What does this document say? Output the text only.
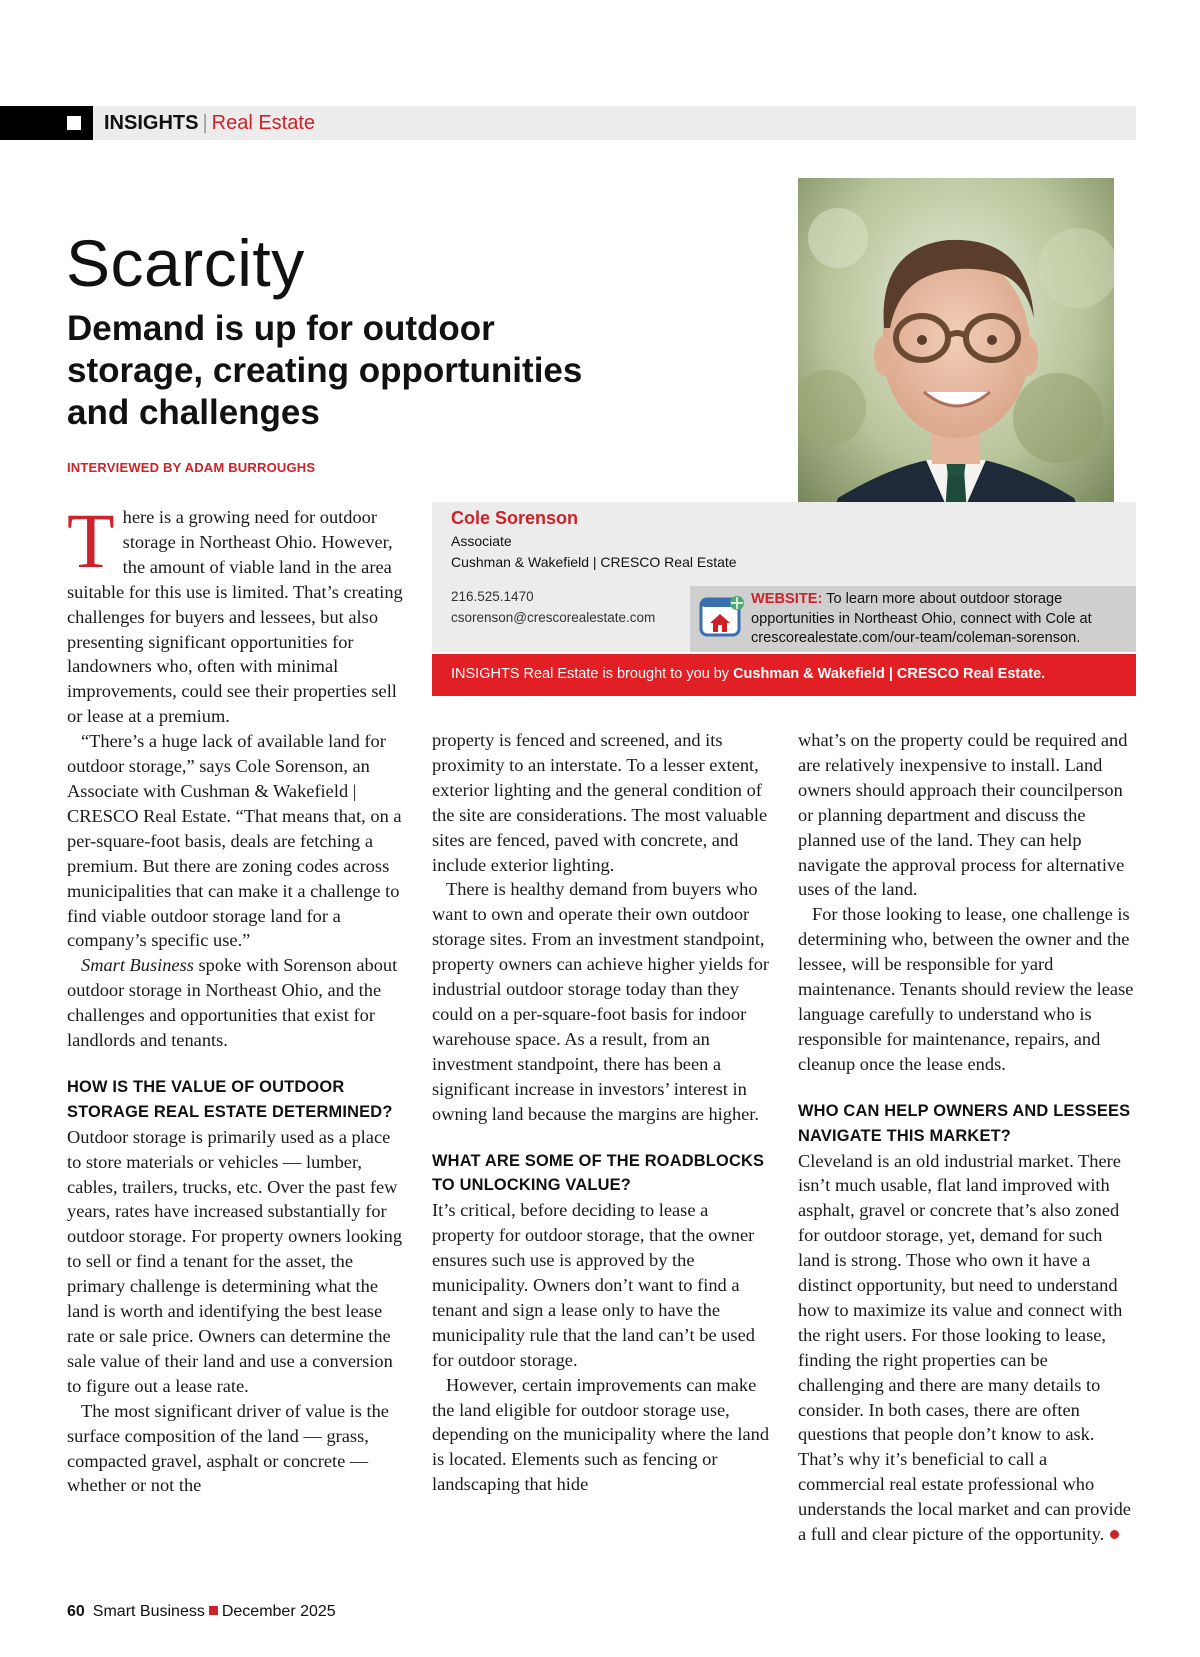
INSIGHTS | Real Estate
Scarcity
Demand is up for outdoor storage, creating opportunities and challenges
INTERVIEWED BY ADAM BURROUGHS
Cole Sorenson
Associate
Cushman & Wakefield | CRESCO Real Estate
216.525.1470
csorenson@crescorealestate.com
WEBSITE: To learn more about outdoor storage opportunities in Northeast Ohio, connect with Cole at crescorealestate.com/our-team/coleman-sorenson.
INSIGHTS Real Estate is brought to you by Cushman & Wakefield | CRESCO Real Estate.

There is a growing need for outdoor storage in Northeast Ohio. However, the amount of viable land in the area suitable for this use is limited. That’s creating challenges for buyers and lessees, but also presenting significant opportunities for landowners who, often with minimal improvements, could see their properties sell or lease at a premium.

“There’s a huge lack of available land for outdoor storage,” says Cole Sorenson, an Associate with Cushman & Wakefield | CRESCO Real Estate. “That means that, on a per-square-foot basis, deals are fetching a premium. But there are zoning codes across municipalities that can make it a challenge to find viable outdoor storage land for a company’s specific use.”

Smart Business spoke with Sorenson about outdoor storage in Northeast Ohio, and the challenges and opportunities that exist for landlords and tenants.

HOW IS THE VALUE OF OUTDOOR STORAGE REAL ESTATE DETERMINED?

Outdoor storage is primarily used as a place to store materials or vehicles — lumber, cables, trailers, trucks, etc. Over the past few years, rates have increased substantially for outdoor storage. For property owners looking to sell or find a tenant for the asset, the primary challenge is determining what the land is worth and identifying the best lease rate or sale price. Owners can determine the sale value of their land and use a conversion to figure out a lease rate.

The most significant driver of value is the surface composition of the land — grass, compacted gravel, asphalt or concrete — whether or not the

property is fenced and screened, and its proximity to an interstate. To a lesser extent, exterior lighting and the general condition of the site are considerations. The most valuable sites are fenced, paved with concrete, and include exterior lighting.

There is healthy demand from buyers who want to own and operate their own outdoor storage sites. From an investment standpoint, property owners can achieve higher yields for industrial outdoor storage today than they could on a per-square-foot basis for indoor warehouse space. As a result, from an investment standpoint, there has been a significant increase in investors’ interest in owning land because the margins are higher.

WHAT ARE SOME OF THE ROADBLOCKS TO UNLOCKING VALUE?

It’s critical, before deciding to lease a property for outdoor storage, that the owner ensures such use is approved by the municipality. Owners don’t want to find a tenant and sign a lease only to have the municipality rule that the land can’t be used for outdoor storage.

However, certain improvements can make the land eligible for outdoor storage use, depending on the municipality where the land is located. Elements such as fencing or landscaping that hide

what’s on the property could be required and are relatively inexpensive to install. Land owners should approach their councilperson or planning department and discuss the planned use of the land. They can help navigate the approval process for alternative uses of the land.

For those looking to lease, one challenge is determining who, between the owner and the lessee, will be responsible for yard maintenance. Tenants should review the lease language carefully to understand who is responsible for maintenance, repairs, and cleanup once the lease ends.

WHO CAN HELP OWNERS AND LESSEES NAVIGATE THIS MARKET?

Cleveland is an old industrial market. There isn’t much usable, flat land improved with asphalt, gravel or concrete that’s also zoned for outdoor storage, yet, demand for such land is strong. Those who own it have a distinct opportunity, but need to understand how to maximize its value and connect with the right users. For those looking to lease, finding the right properties can be challenging and there are many details to consider. In both cases, there are often questions that people don’t know to ask. That’s why it’s beneficial to call a commercial real estate professional who understands the local market and can provide a full and clear picture of the opportunity.

60 Smart Business December 2025
